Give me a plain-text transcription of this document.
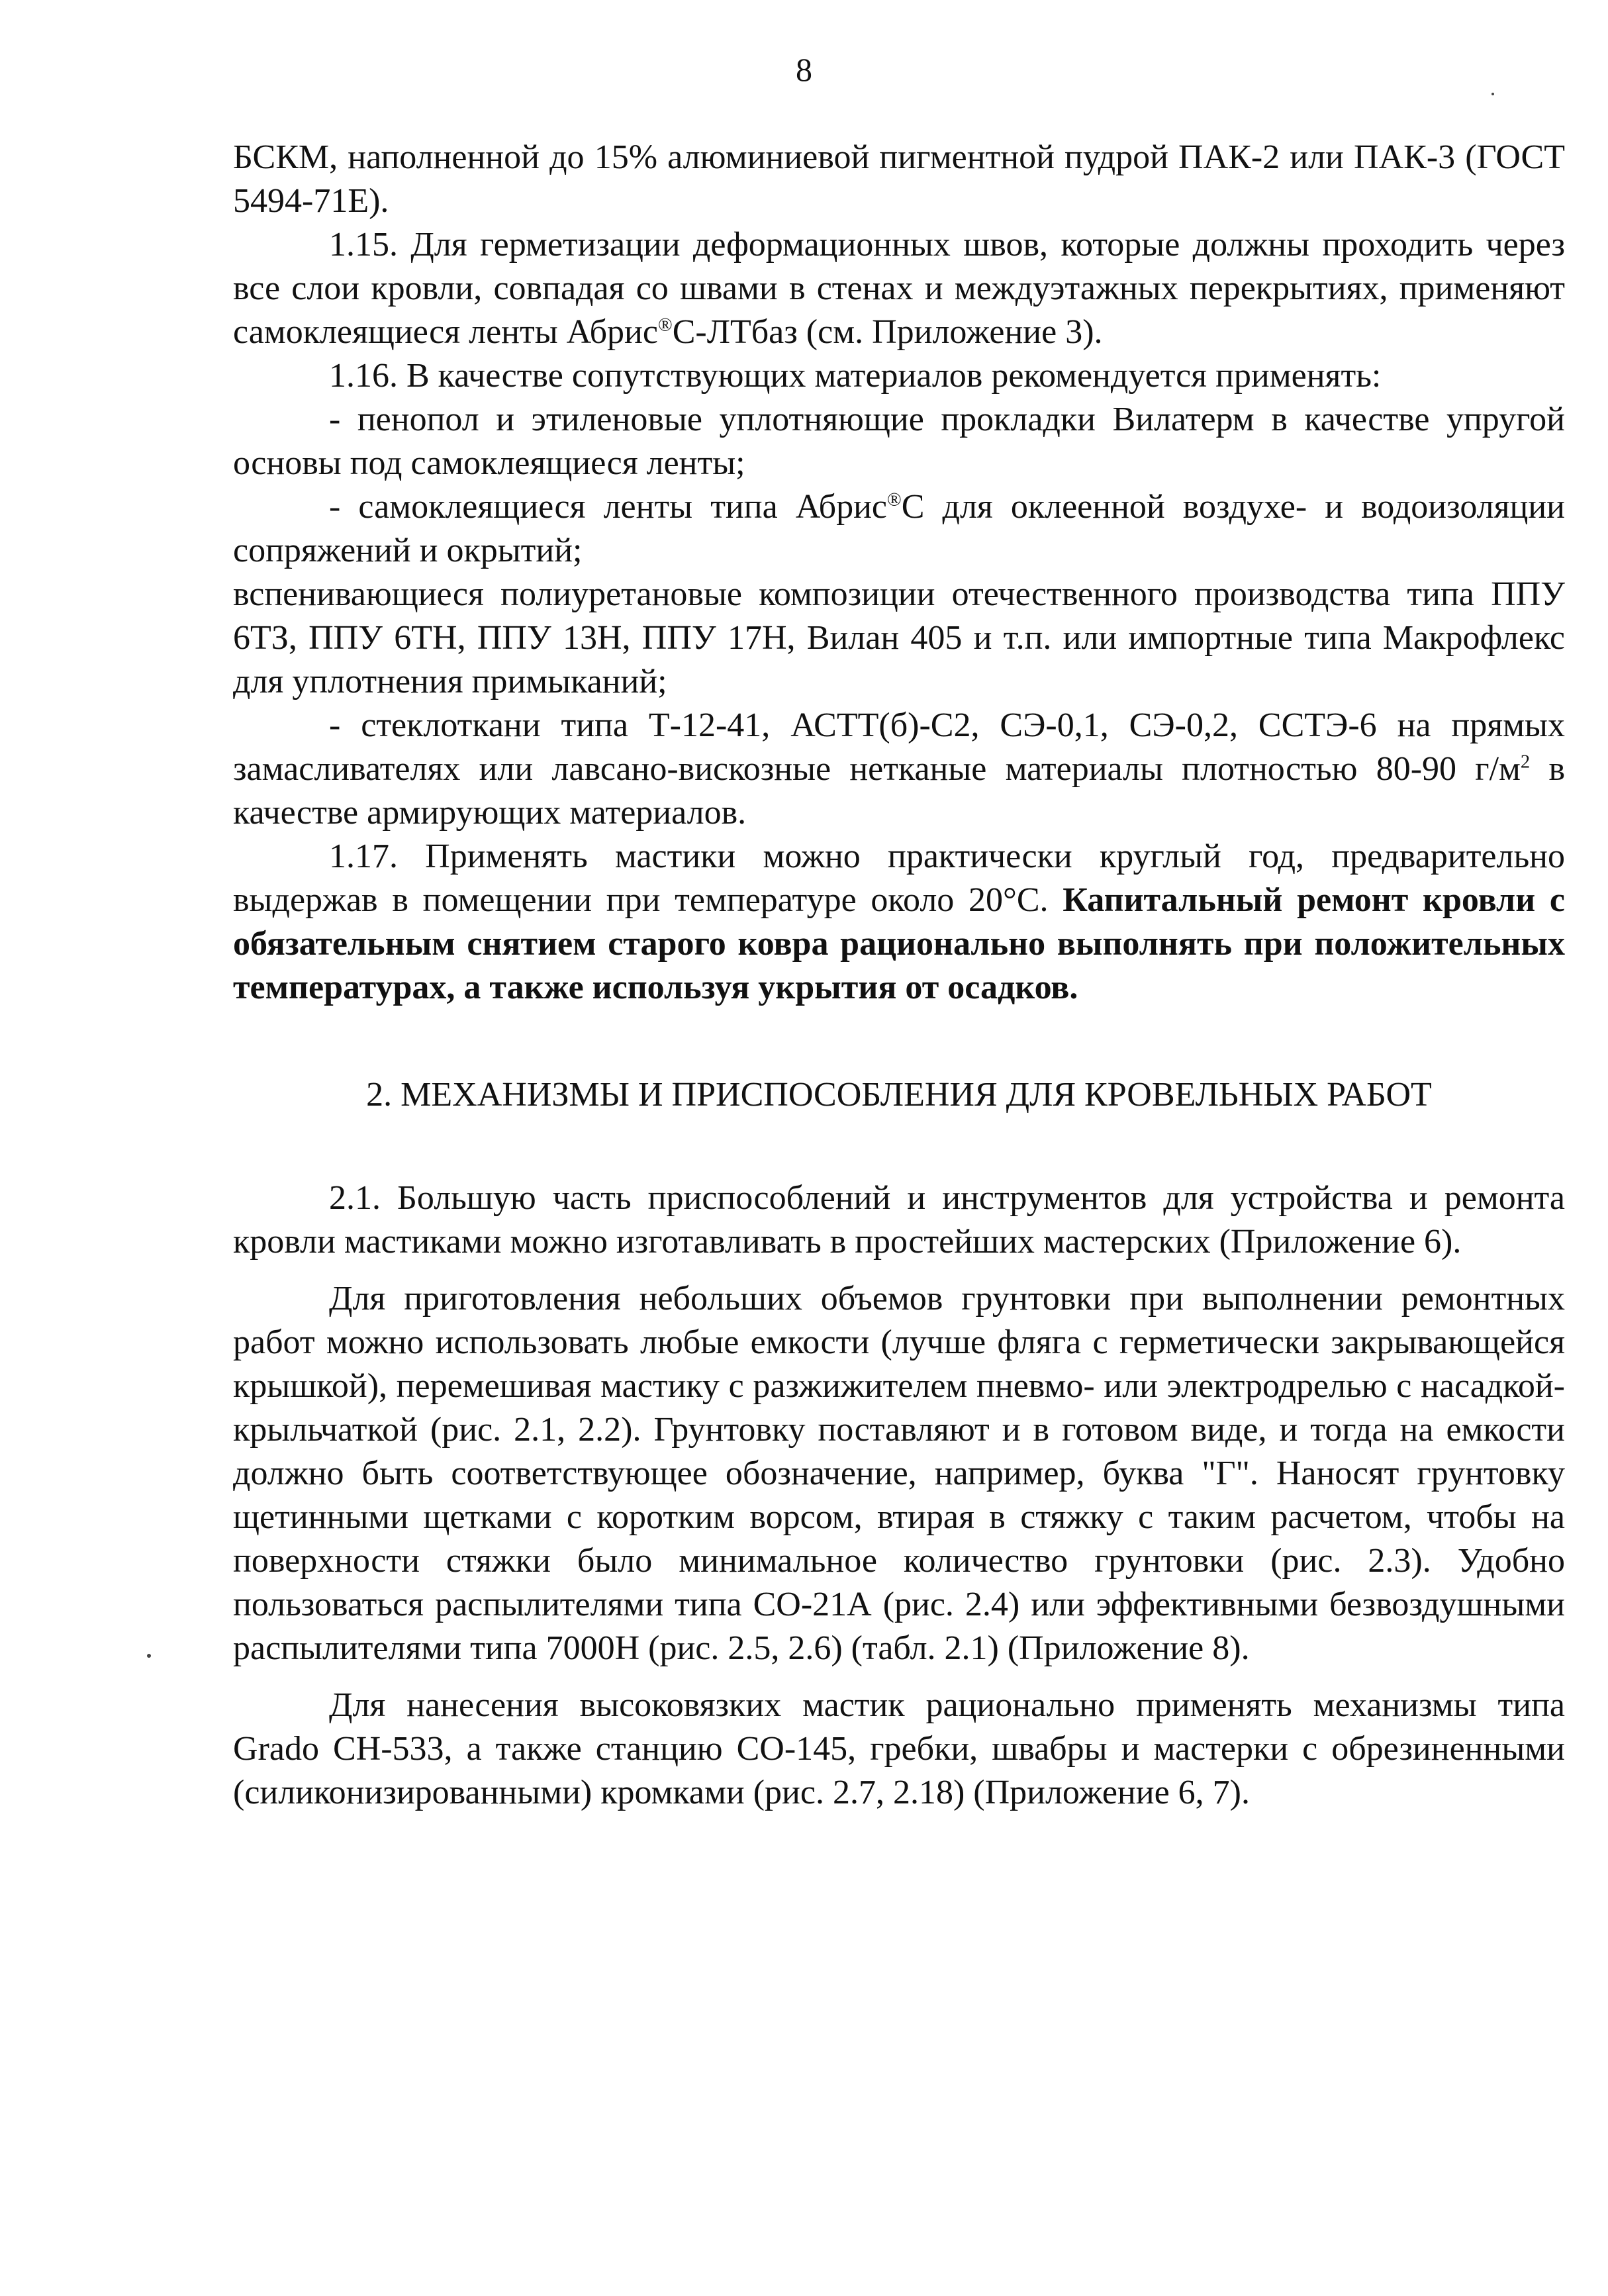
8

БСКМ, наполненной до 15% алюминиевой пигментной пудрой ПАК-2 или ПАК-3 (ГОСТ 5494-71Е).

1.15. Для герметизации деформационных швов, которые должны проходить через все слои кровли, совпадая со швами в стенах и междуэтажных перекрытиях, применяют самоклеящиеся ленты Абрис®С-ЛТбаз (см. Приложение 3).

1.16. В качестве сопутствующих материалов рекомендуется применять:

- пенопол и этиленовые уплотняющие прокладки Вилатерм в качестве упругой основы под самоклеящиеся ленты;

- самоклеящиеся ленты типа Абрис®С для оклеенной воздухе- и водоизоляции сопряжений и окрытий;

вспенивающиеся полиуретановые композиции отечественного производства типа ППУ 6ТЗ, ППУ 6ТН, ППУ 13Н, ППУ 17Н, Вилан 405 и т.п. или импортные типа Макрофлекс для уплотнения примыканий;

- стеклоткани типа Т-12-41, АСТТ(б)-С2, СЭ-0,1, СЭ-0,2, ССТЭ-6 на прямых замасливателях или лавсано-вискозные нетканые материалы плотностью 80-90 $г/м^2$ в качестве армирующих материалов.

1.17. Применять мастики можно практически круглый год, предварительно выдержав в помещении при температуре около 20°С. Капитальный ремонт кровли с обязательным снятием старого ковра рационально выполнять при положительных температурах, а также используя укрытия от осадков.

2. МЕХАНИЗМЫ И ПРИСПОСОБЛЕНИЯ ДЛЯ КРОВЕЛЬНЫХ РАБОТ

2.1. Большую часть приспособлений и инструментов для устройства и ремонта кровли мастиками можно изготавливать в простейших мастерских (Приложение 6).

Для приготовления небольших объемов грунтовки при выполнении ремонтных работ можно использовать любые емкости (лучше фляга с герметически закрывающейся крышкой), перемешивая мастику с разжижителем пневмо- или электродрелью с насадкой-крыльчаткой (рис. 2.1, 2.2). Грунтовку поставляют и в готовом виде, и тогда на емкости должно быть соответствующее обозначение, например, буква "Г". Наносят грунтовку щетинными щетками с коротким ворсом, втирая в стяжку с таким расчетом, чтобы на поверхности стяжки было минимальное количество грунтовки (рис. 2.3). Удобно пользоваться распылителями типа СО-21А (рис. 2.4) или эффективными безвоздушными распылителями типа 7000Н (рис. 2.5, 2.6) (табл. 2.1) (Приложение 8).

Для нанесения высоковязких мастик рационально применять механизмы типа Grado СН-533, а также станцию СО-145, гребки, швабры и мастерки с обрезиненными (силиконизированными) кромками (рис. 2.7, 2.18) (Приложение 6, 7).
